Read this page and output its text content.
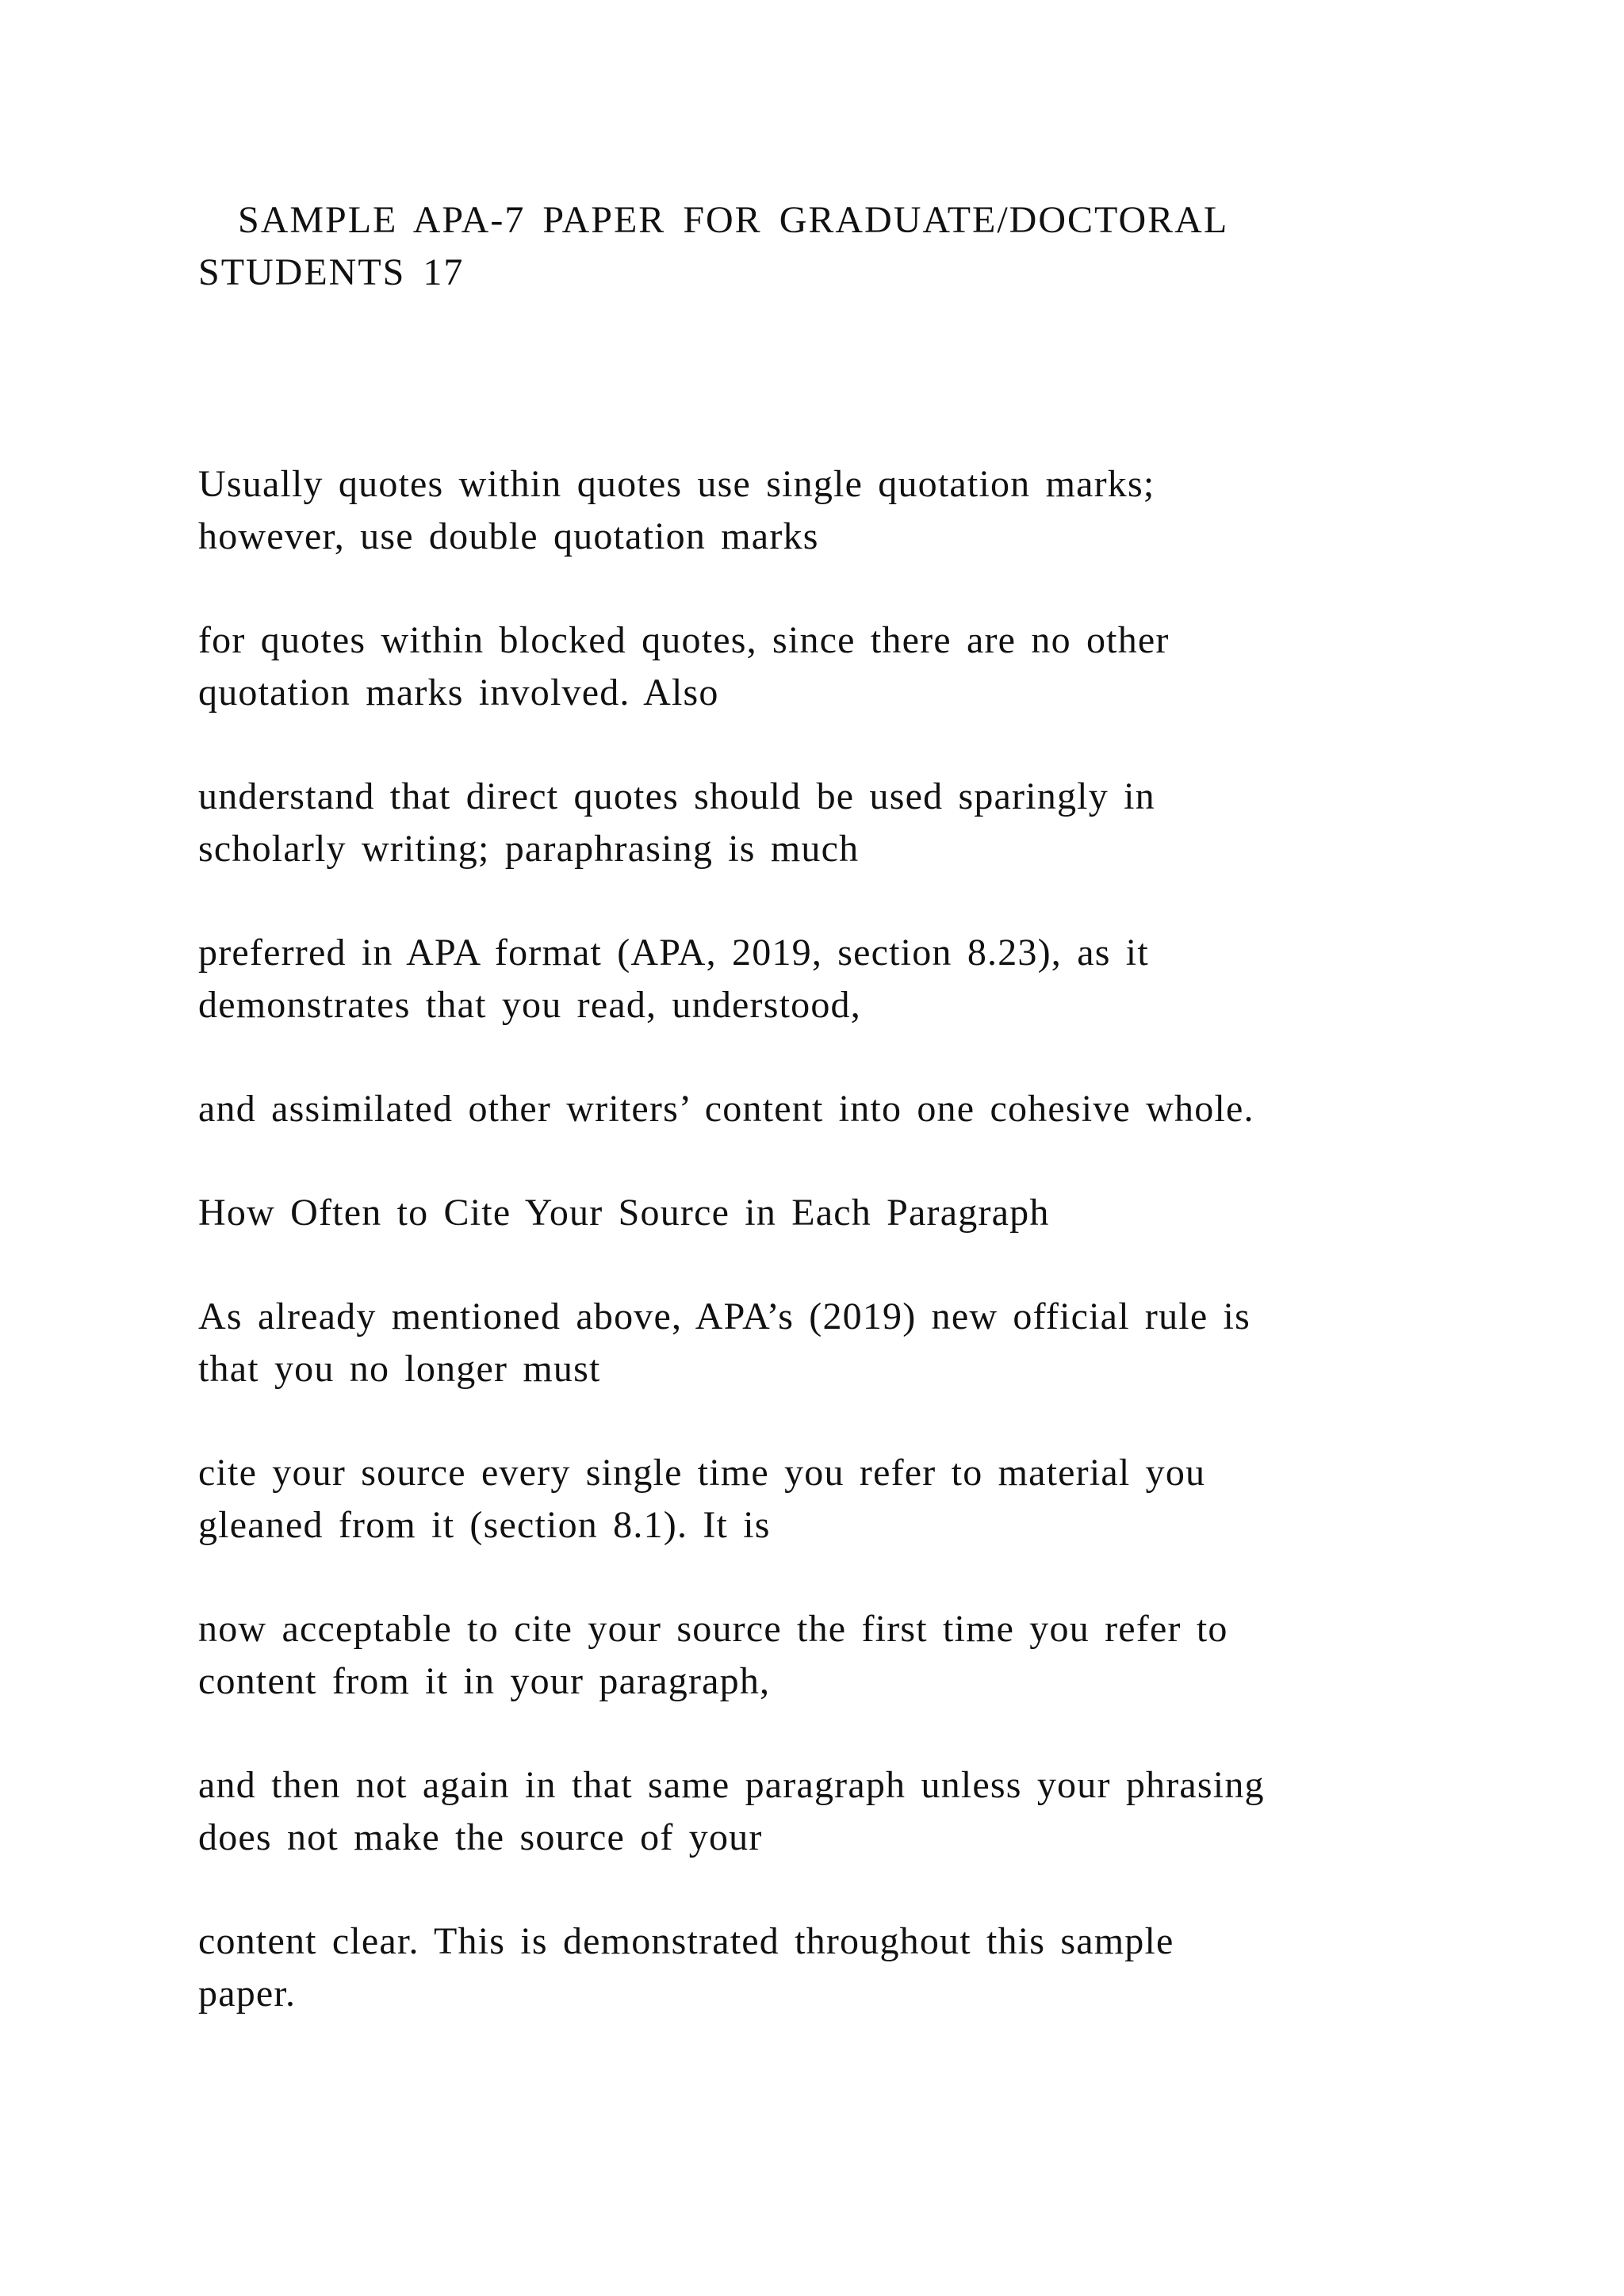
SAMPLE APA-7 PAPER FOR GRADUATE/DOCTORAL
STUDENTS 17

Usually quotes within quotes use single quotation marks;
however, use double quotation marks

for quotes within blocked quotes, since there are no other
quotation marks involved. Also

understand that direct quotes should be used sparingly in
scholarly writing; paraphrasing is much

preferred in APA format (APA, 2019, section 8.23), as it
demonstrates that you read, understood,

and assimilated other writers’ content into one cohesive whole.

How Often to Cite Your Source in Each Paragraph

As already mentioned above, APA’s (2019) new official rule is
that you no longer must

cite your source every single time you refer to material you
gleaned from it (section 8.1). It is

now acceptable to cite your source the first time you refer to
content from it in your paragraph,

and then not again in that same paragraph unless your phrasing
does not make the source of your

content clear. This is demonstrated throughout this sample
paper.
